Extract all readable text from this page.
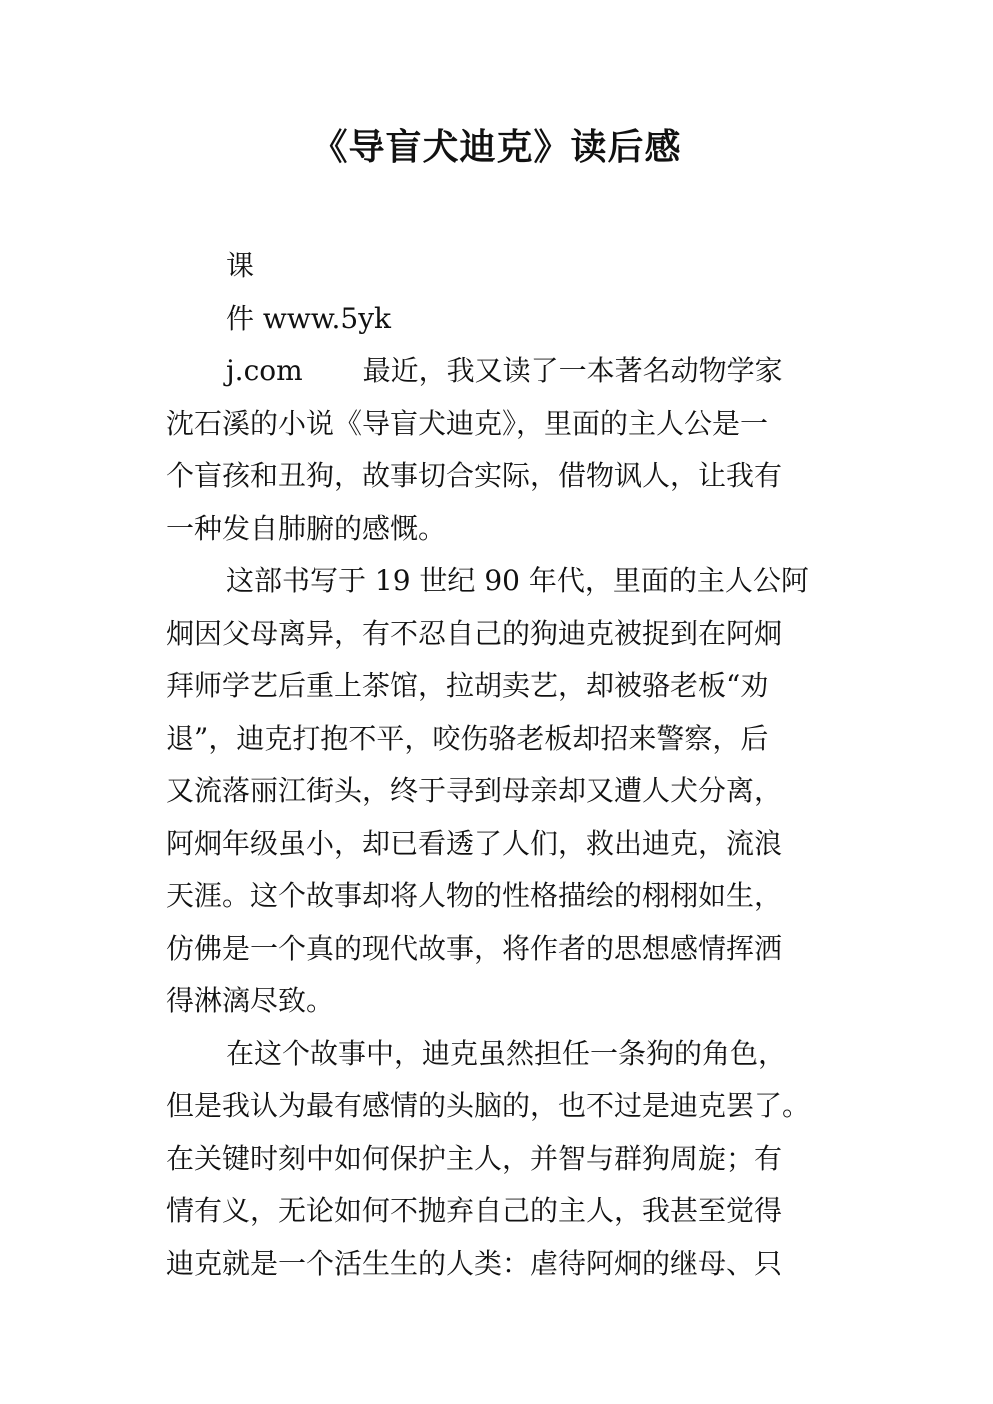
《导盲犬迪克》读后感
课
件 www.5yk
j.com 最近，我又读了一本著名动物学家
沈石溪的小说《导盲犬迪克》，里面的主人公是一
个盲孩和丑狗，故事切合实际，借物讽人，让我有
一种发自肺腑的感慨。
这部书写于 19 世纪 90 年代，里面的主人公阿
炯因父母离异，有不忍自己的狗迪克被捉到在阿炯
拜师学艺后重上茶馆，拉胡卖艺，却被骆老板“劝
退”，迪克打抱不平，咬伤骆老板却招来警察，后
又流落丽江街头，终于寻到母亲却又遭人犬分离，
阿炯年级虽小，却已看透了人们，救出迪克，流浪
天涯。这个故事却将人物的性格描绘的栩栩如生，
仿佛是一个真的现代故事，将作者的思想感情挥洒
得淋漓尽致。
在这个故事中，迪克虽然担任一条狗的角色，
但是我认为最有感情的头脑的，也不过是迪克罢了。
在关键时刻中如何保护主人，并智与群狗周旋；有
情有义，无论如何不抛弃自己的主人，我甚至觉得
迪克就是一个活生生的人类：虐待阿炯的继母、只
